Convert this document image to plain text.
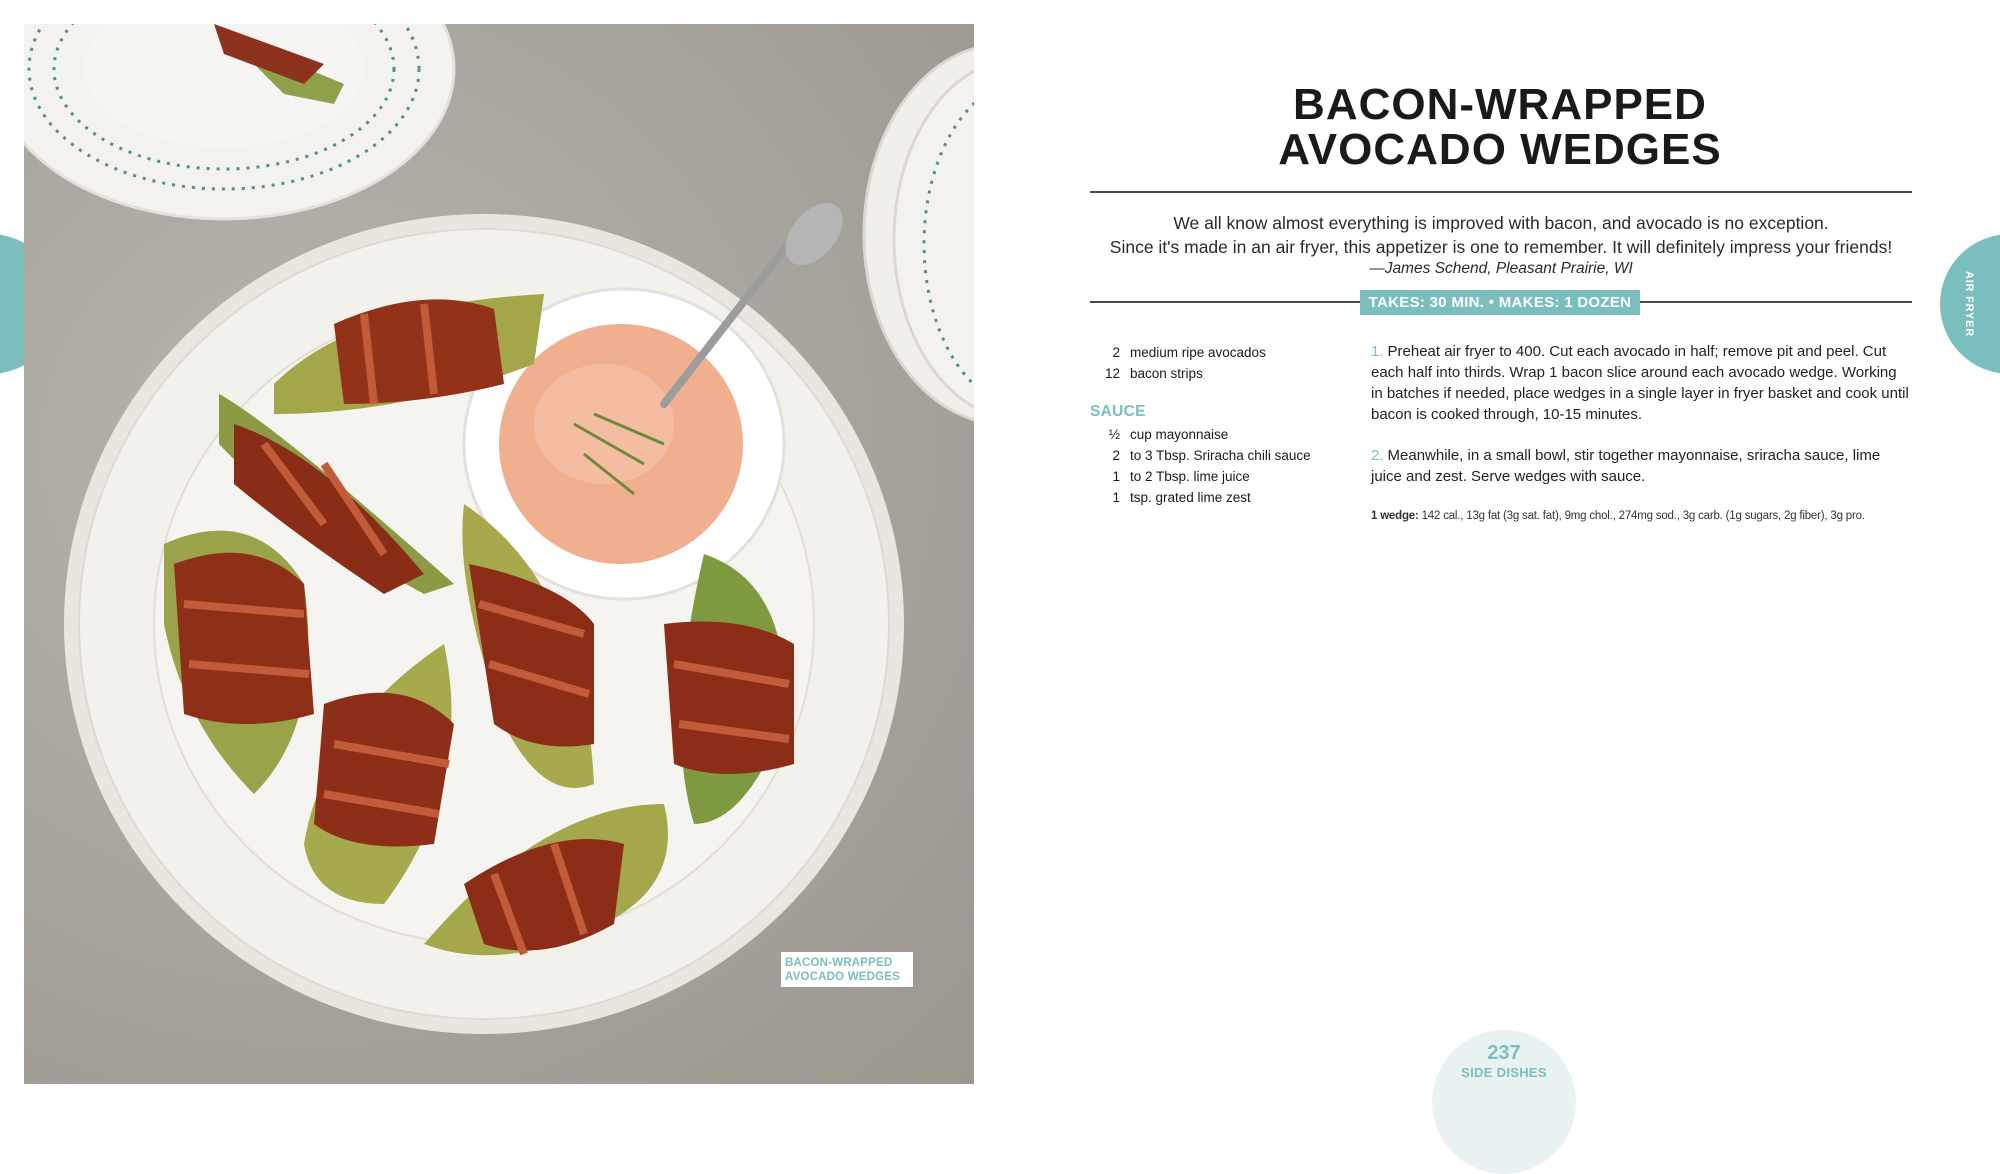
BACON-WRAPPED
AVOCADO WEDGES
AIR FRYER
BACON-WRAPPED
AVOCADO WEDGES
We all know almost everything is improved with bacon, and avocado is no exception.
Since it's made in an air fryer, this appetizer is one to remember. It will definitely impress your friends!
—James Schend, Pleasant Prairie, WI
TAKES: 30 MIN. • MAKES: 1 DOZEN
2 medium ripe avocados
12 bacon strips
SAUCE
½ cup mayonnaise
2 to 3 Tbsp. Sriracha chili sauce
1 to 2 Tbsp. lime juice
1 tsp. grated lime zest
1. Preheat air fryer to 400. Cut each avocado in half; remove pit and peel. Cut each half into thirds. Wrap 1 bacon slice around each avocado wedge. Working in batches if needed, place wedges in a single layer in fryer basket and cook until bacon is cooked through, 10-15 minutes.
2. Meanwhile, in a small bowl, stir together mayonnaise, sriracha sauce, lime juice and zest. Serve wedges with sauce.
1 wedge: 142 cal., 13g fat (3g sat. fat), 9mg chol., 274mg sod., 3g carb. (1g sugars, 2g fiber), 3g pro.
237
SIDE DISHES
